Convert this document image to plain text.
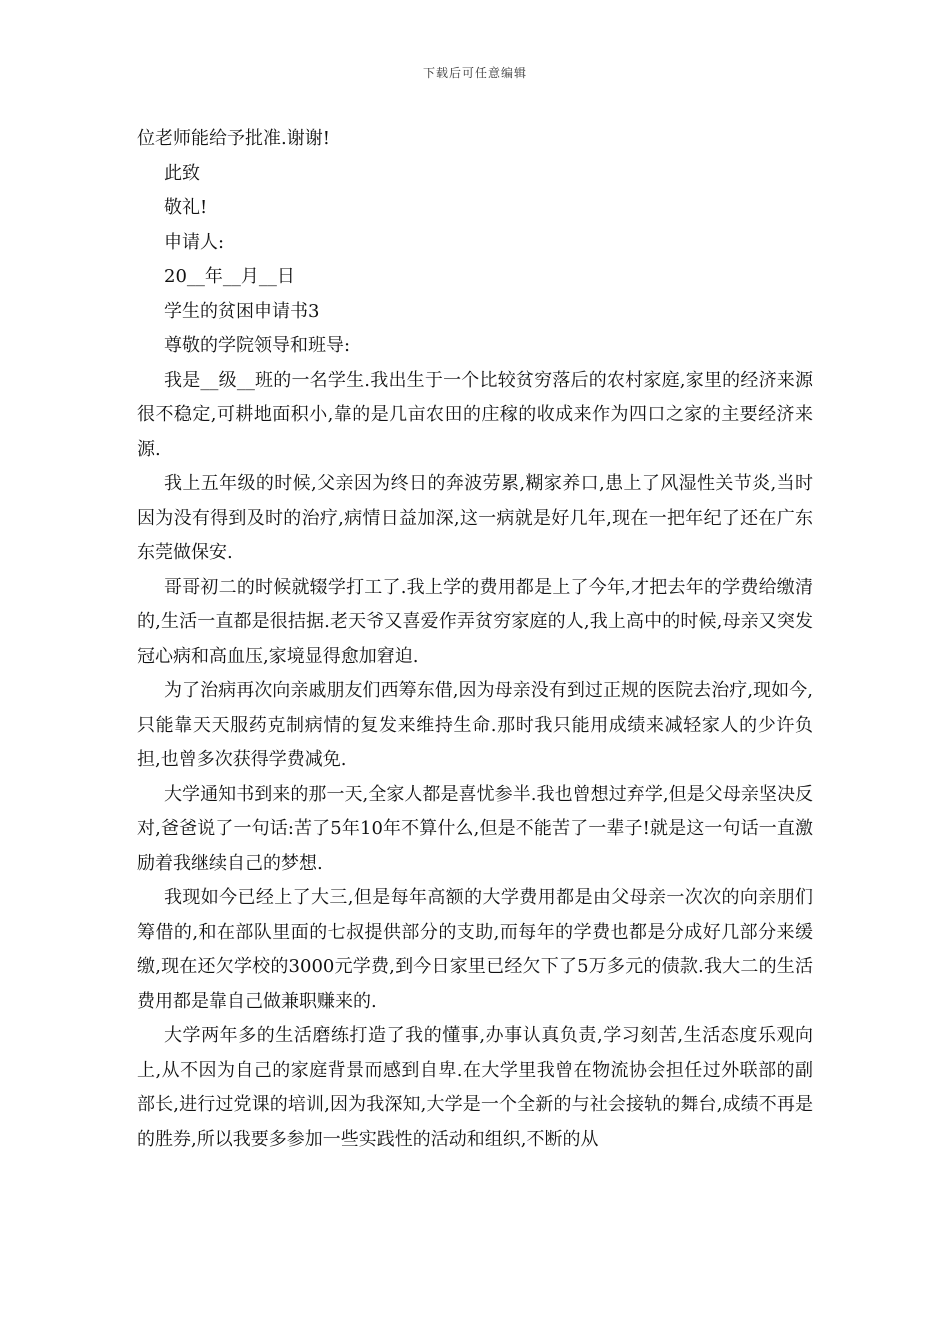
下载后可任意编辑
位老师能给予批准.谢谢!
此致
敬礼!
申请人:
20__年__月__日
学生的贫困申请书3
尊敬的学院领导和班导:

我是__级__班的一名学生.我出生于一个比较贫穷落后的农村家庭,家里的经济来源很不稳定,可耕地面积小,靠的是几亩农田的庄稼的收成来作为四口之家的主要经济来源.

我上五年级的时候,父亲因为终日的奔波劳累,糊家养口,患上了风湿性关节炎,当时因为没有得到及时的治疗,病情日益加深,这一病就是好几年,现在一把年纪了还在广东东莞做保安.

哥哥初二的时候就辍学打工了.我上学的费用都是上了今年,才把去年的学费给缴清的,生活一直都是很拮据.老天爷又喜爱作弄贫穷家庭的人,我上高中的时候,母亲又突发冠心病和高血压,家境显得愈加窘迫.

为了治病再次向亲戚朋友们西筹东借,因为母亲没有到过正规的医院去治疗,现如今,只能靠天天服药克制病情的复发来维持生命.那时我只能用成绩来减轻家人的少许负担,也曾多次获得学费减免.

大学通知书到来的那一天,全家人都是喜忧参半.我也曾想过弃学,但是父母亲坚决反对,爸爸说了一句话:苦了5年10年不算什么,但是不能苦了一辈子!就是这一句话一直激励着我继续自己的梦想.

我现如今已经上了大三,但是每年高额的大学费用都是由父母亲一次次的向亲朋们筹借的,和在部队里面的七叔提供部分的支助,而每年的学费也都是分成好几部分来缓缴,现在还欠学校的3000元学费,到今日家里已经欠下了5万多元的债款.我大二的生活费用都是靠自己做兼职赚来的.

大学两年多的生活磨练打造了我的懂事,办事认真负责,学习刻苦,生活态度乐观向上,从不因为自己的家庭背景而感到自卑.在大学里我曾在物流协会担任过外联部的副部长,进行过党课的培训,因为我深知,大学是一个全新的与社会接轨的舞台,成绩不再是的胜券,所以我要多参加一些实践性的活动和组织,不断的从
